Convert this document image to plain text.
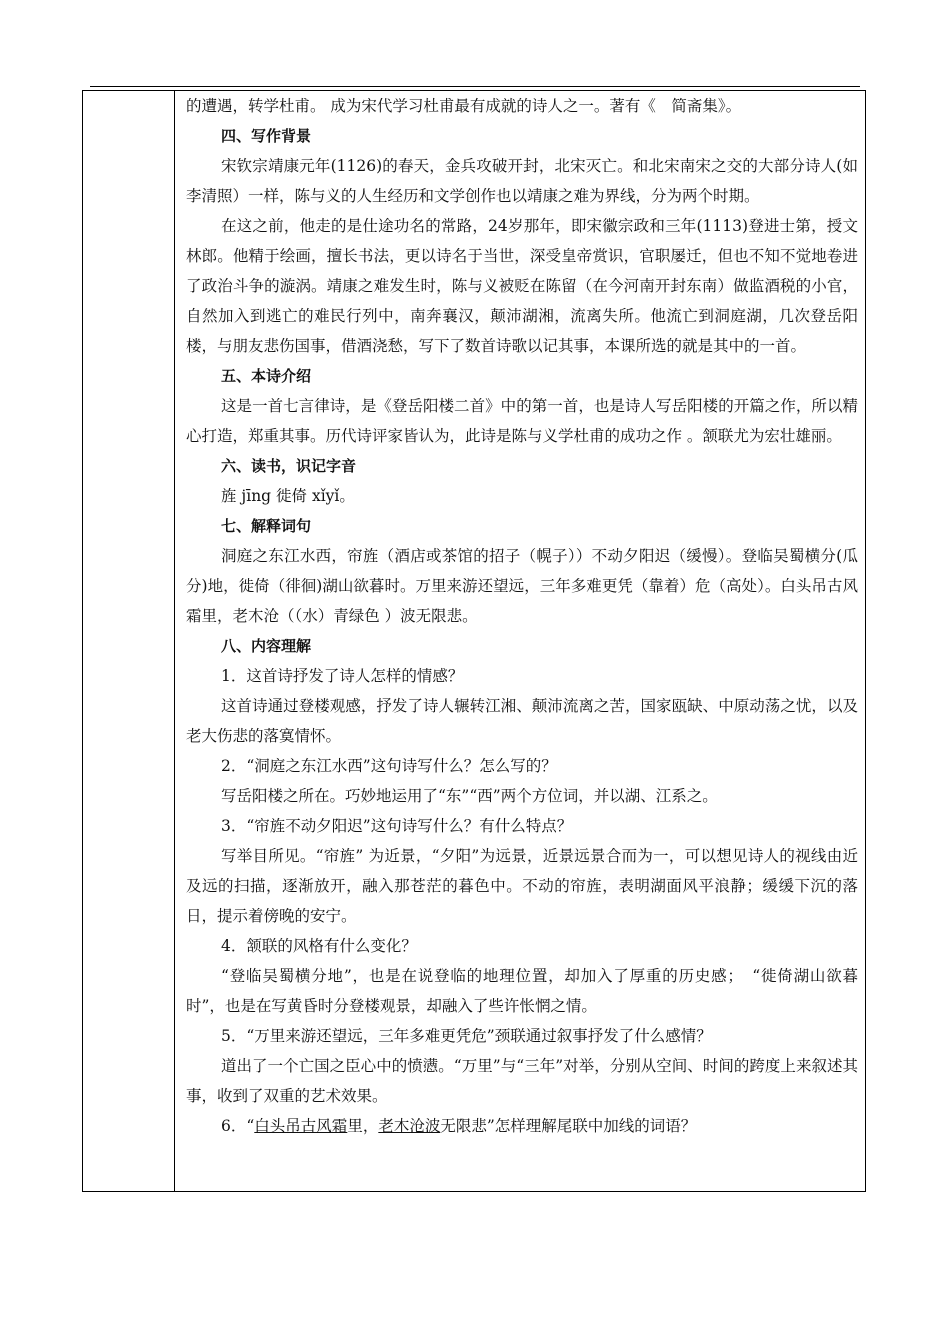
的遭遇，转学杜甫。 成为宋代学习杜甫最有成就的诗人之一。著有《　简斋集》。

四、写作背景

宋钦宗靖康元年(1126)的春天，金兵攻破开封，北宋灭亡。和北宋南宋之交的大部分诗人(如李清照）一样，陈与义的人生经历和文学创作也以靖康之难为界线，分为两个时期。

在这之前，他走的是仕途功名的常路，24岁那年，即宋徽宗政和三年(1113)登进士第，授文林郎。他精于绘画，擅长书法，更以诗名于当世，深受皇帝赏识，官职屡迁，但也不知不觉地卷进了政治斗争的漩涡。靖康之难发生时，陈与义被贬在陈留（在今河南开封东南）做监酒税的小官，自然加入到逃亡的难民行列中，南奔襄汉，颠沛湖湘，流离失所。他流亡到洞庭湖，几次登岳阳楼，与朋友悲伤国事，借酒浇愁，写下了数首诗歌以记其事，本课所选的就是其中的一首。

五、本诗介绍

这是一首七言律诗，是《登岳阳楼二首》中的第一首，也是诗人写岳阳楼的开篇之作，所以精心打造，郑重其事。历代诗评家皆认为，此诗是陈与义学杜甫的成功之作 。颔联尤为宏壮雄丽。

六、读书，识记字音

旌 jīng 徙倚 xǐyǐ。

七、解释词句

洞庭之东江水西，帘旌（酒店或茶馆的招子（幌子））不动夕阳迟（缓慢）。登临吴蜀横分(瓜分)地，徙倚（徘徊)湖山欲暮时。万里来游还望远，三年多难更凭（靠着）危（高处）。白头吊古风霜里，老木沧（（水）青绿色 ）波无限悲。

八、内容理解

1．这首诗抒发了诗人怎样的情感？

这首诗通过登楼观感，抒发了诗人辗转江湘、颠沛流离之苦，国家瓯缺、中原动荡之忧，以及老大伤悲的落寞情怀。

2．“洞庭之东江水西”这句诗写什么？怎么写的？

写岳阳楼之所在。巧妙地运用了“东”“西”两个方位词，并以湖、江系之。

3．“帘旌不动夕阳迟”这句诗写什么？有什么特点？

写举目所见。“帘旌” 为近景，“夕阳”为远景，近景远景合而为一，可以想见诗人的视线由近及远的扫描，逐渐放开，融入那苍茫的暮色中。不动的帘旌，表明湖面风平浪静；缓缓下沉的落日，提示着傍晚的安宁。

4．颔联的风格有什么变化？

“登临吴蜀横分地”，也是在说登临的地理位置，却加入了厚重的历史感；　“徙倚湖山欲暮时”，也是在写黄昏时分登楼观景，却融入了些许怅惘之情。

5．“万里来游还望远，三年多难更凭危”颈联通过叙事抒发了什么感情？

道出了一个亡国之臣心中的愤懑。“万里”与“三年”对举，分别从空间、时间的跨度上来叙述其事，收到了双重的艺术效果。

6．“白头吊古风霜里，老木沧波无限悲”怎样理解尾联中加线的词语？
